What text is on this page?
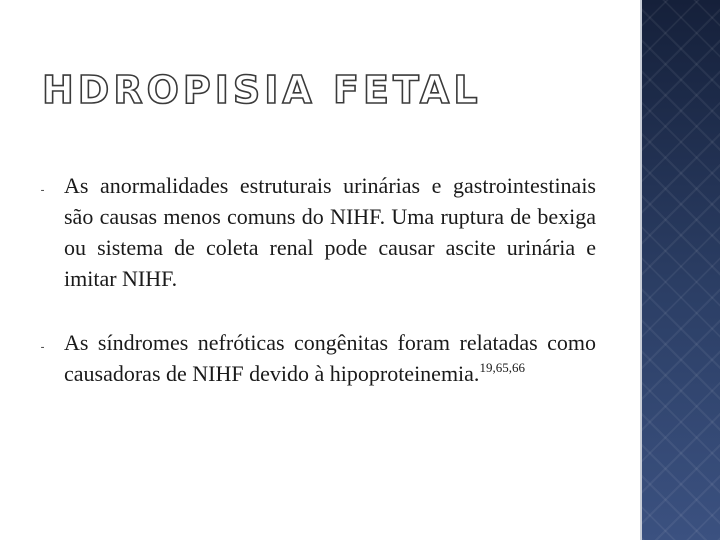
HDROPISIA FETAL
⁃ As anormalidades estruturais urinárias e gastrointestinais são causas menos comuns do NIHF. Uma ruptura de bexiga ou sistema de coleta renal pode causar ascite urinária e imitar NIHF.
⁃ As síndromes nefróticas congênitas foram relatadas como causadoras de NIHF devido à hipoproteinemia.$^{19,65,66}$
